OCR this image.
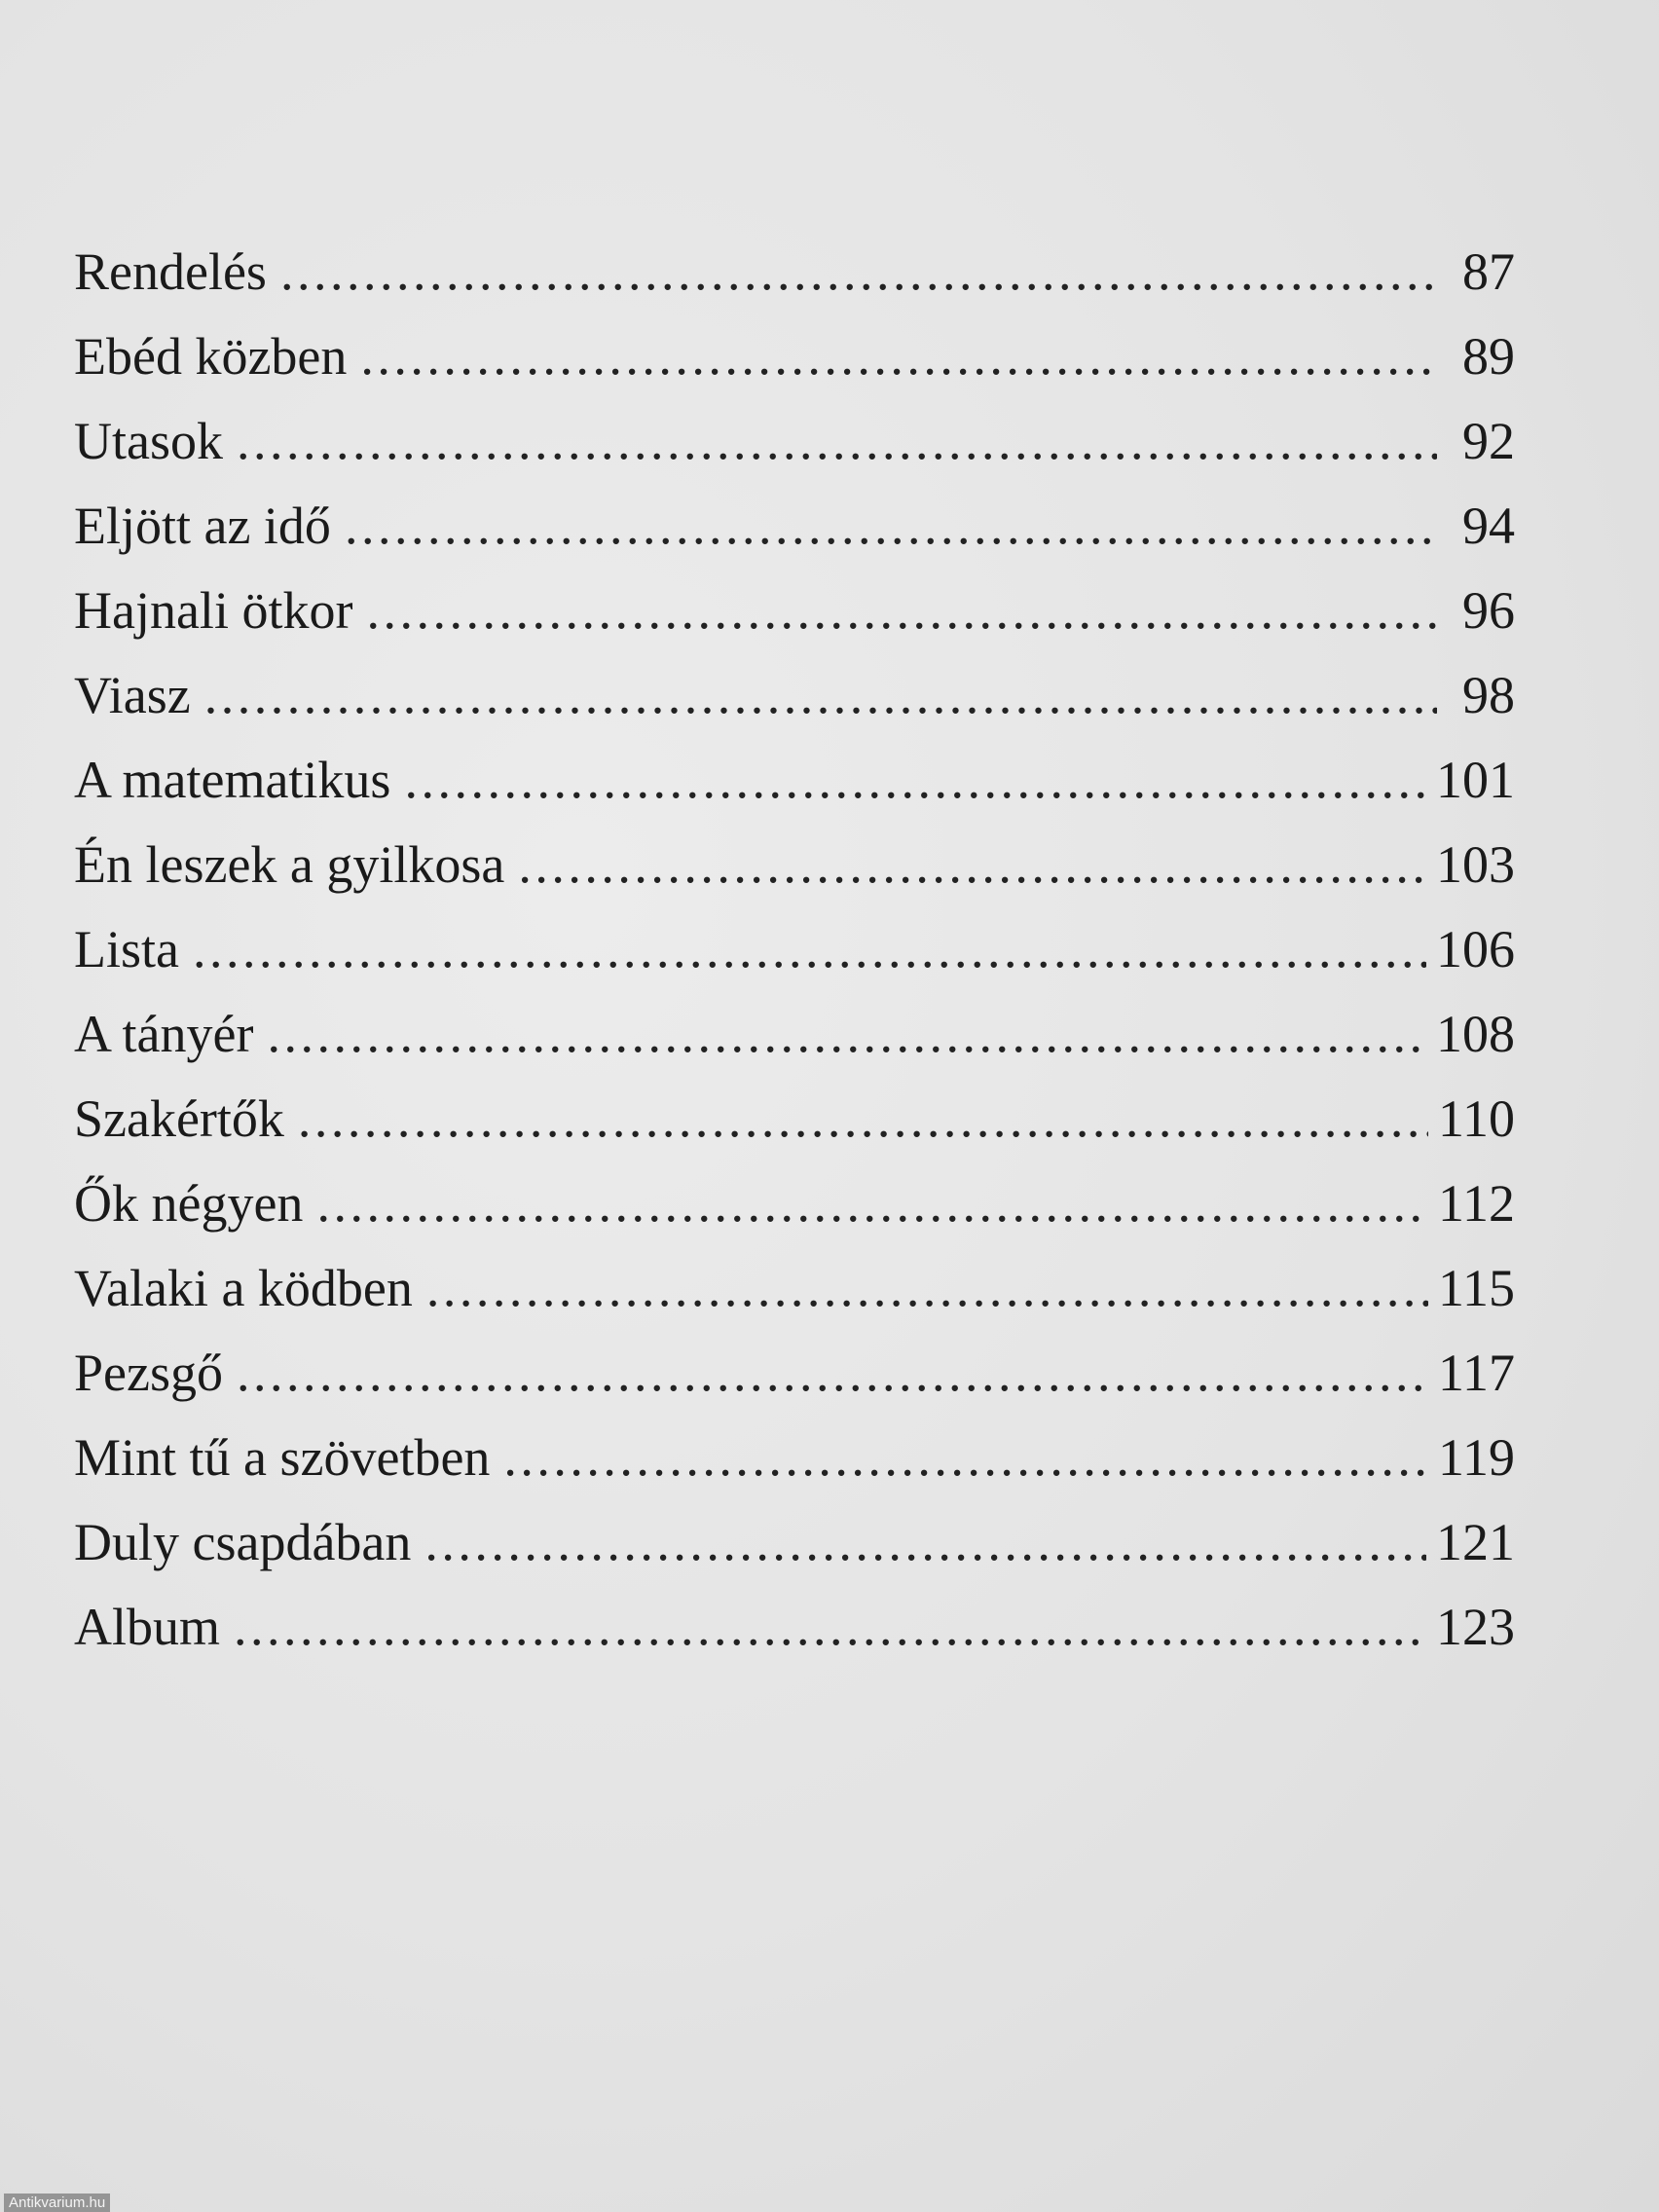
Rendelés . . .	87
Ebéd közben . . .	89
Utasok . . .	92
Eljött az idő . . .	94
Hajnali ötkor . . .	96
Viasz . . .	98
A matematikus . . .	101
Én leszek a gyilkosa . . .	103
Lista . . .	106
A tányér . . .	108
Szakértők . . .	110
Ők négyen . . .	112
Valaki a ködben . . .	115
Pezsgő . . .	117
Mint tű a szövetben . . .	119
Duly csapdában . . .	121
Album . . .	123
Antikvarium.hu
